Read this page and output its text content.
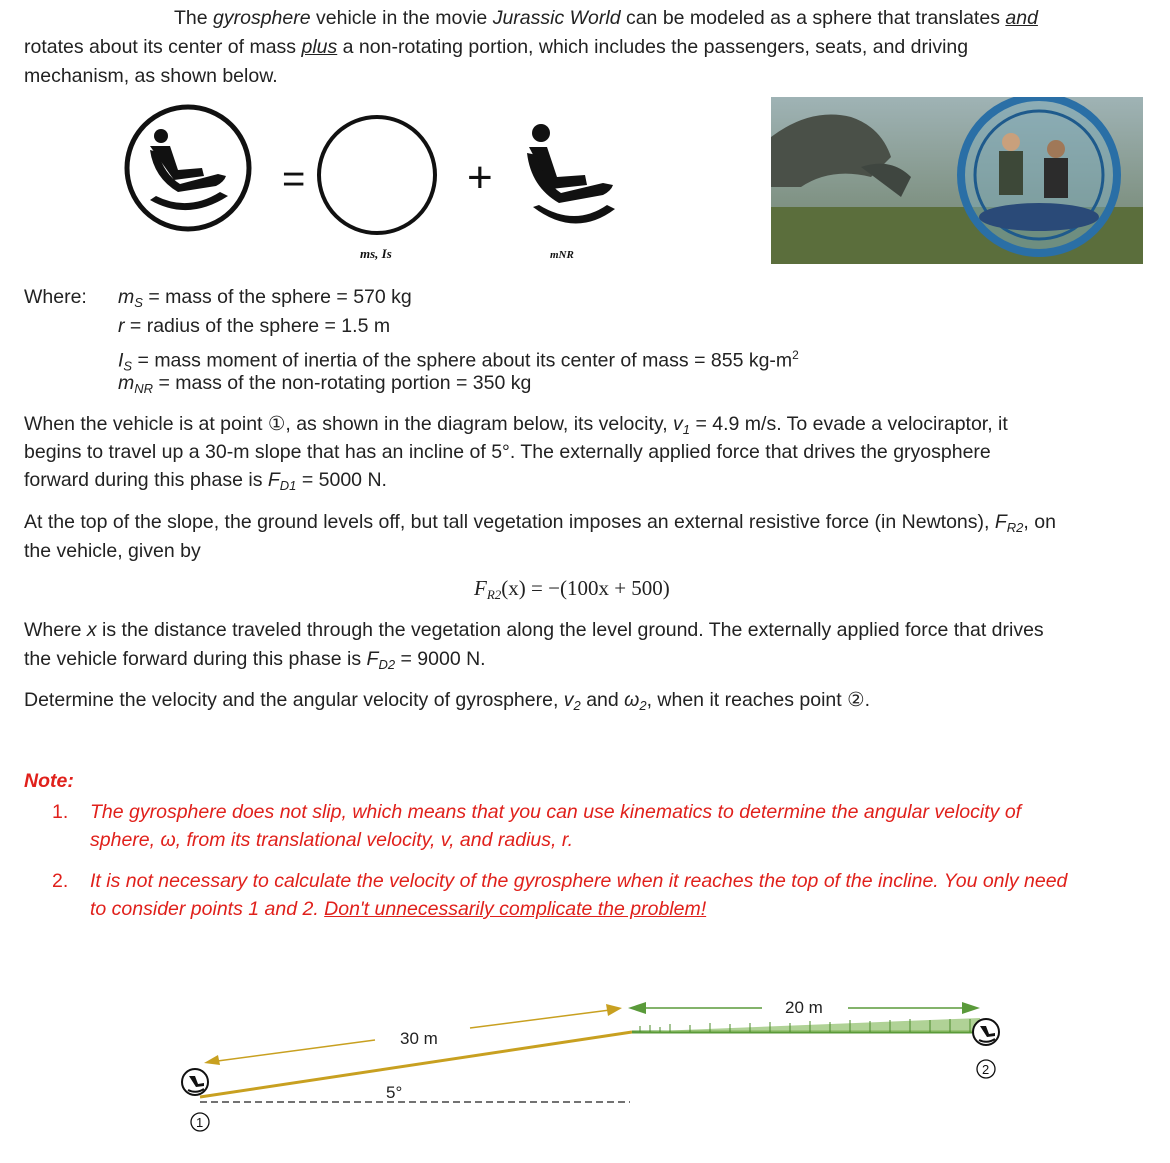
The gyrosphere vehicle in the movie Jurassic World can be modeled as a sphere that translates and
rotates about its center of mass plus a non-rotating portion, which includes the passengers, seats, and driving
mechanism, as shown below.
=	+
ms, Is	mNR
Where: $m_S$ = mass of the sphere = 570 kg
r = radius of the sphere = 1.5 m
$I_S$ = mass moment of inertia of the sphere about its center of mass = 855 $kg-m^2$
$m_{NR}$ = mass of the non-rotating portion = 350 kg
When the vehicle is at point ①, as shown in the diagram below, its velocity, $v_1 = 4.9$ m/s. To evade a velociraptor, it
begins to travel up a 30-m slope that has an incline of 5°. The externally applied force that drives the gryosphere
forward during this phase is $F_{D1} = 5000$ N.
At the top of the slope, the ground levels off, but tall vegetation imposes an external resistive force (in Newtons), $F_{R2}$, on
the vehicle, given by
FR2(x) = −(100x + 500)
Where x is the distance traveled through the vegetation along the level ground. The externally applied force that drives
the vehicle forward during this phase is $F_{D2} = 9000$ N.
Determine the velocity and the angular velocity of gyrosphere, $v_2$ and $\omega_2$, when it reaches point ②.
Note:
1. The gyrosphere does not slip, which means that you can use kinematics to determine the angular velocity of
sphere, ω, from its translational velocity, v, and radius, r.
2. It is not necessary to calculate the velocity of the gyrosphere when it reaches the top of the incline. You only need
to consider points 1 and 2. Don't unnecessarily complicate the problem!
30 m
5°
20 m
1
2
